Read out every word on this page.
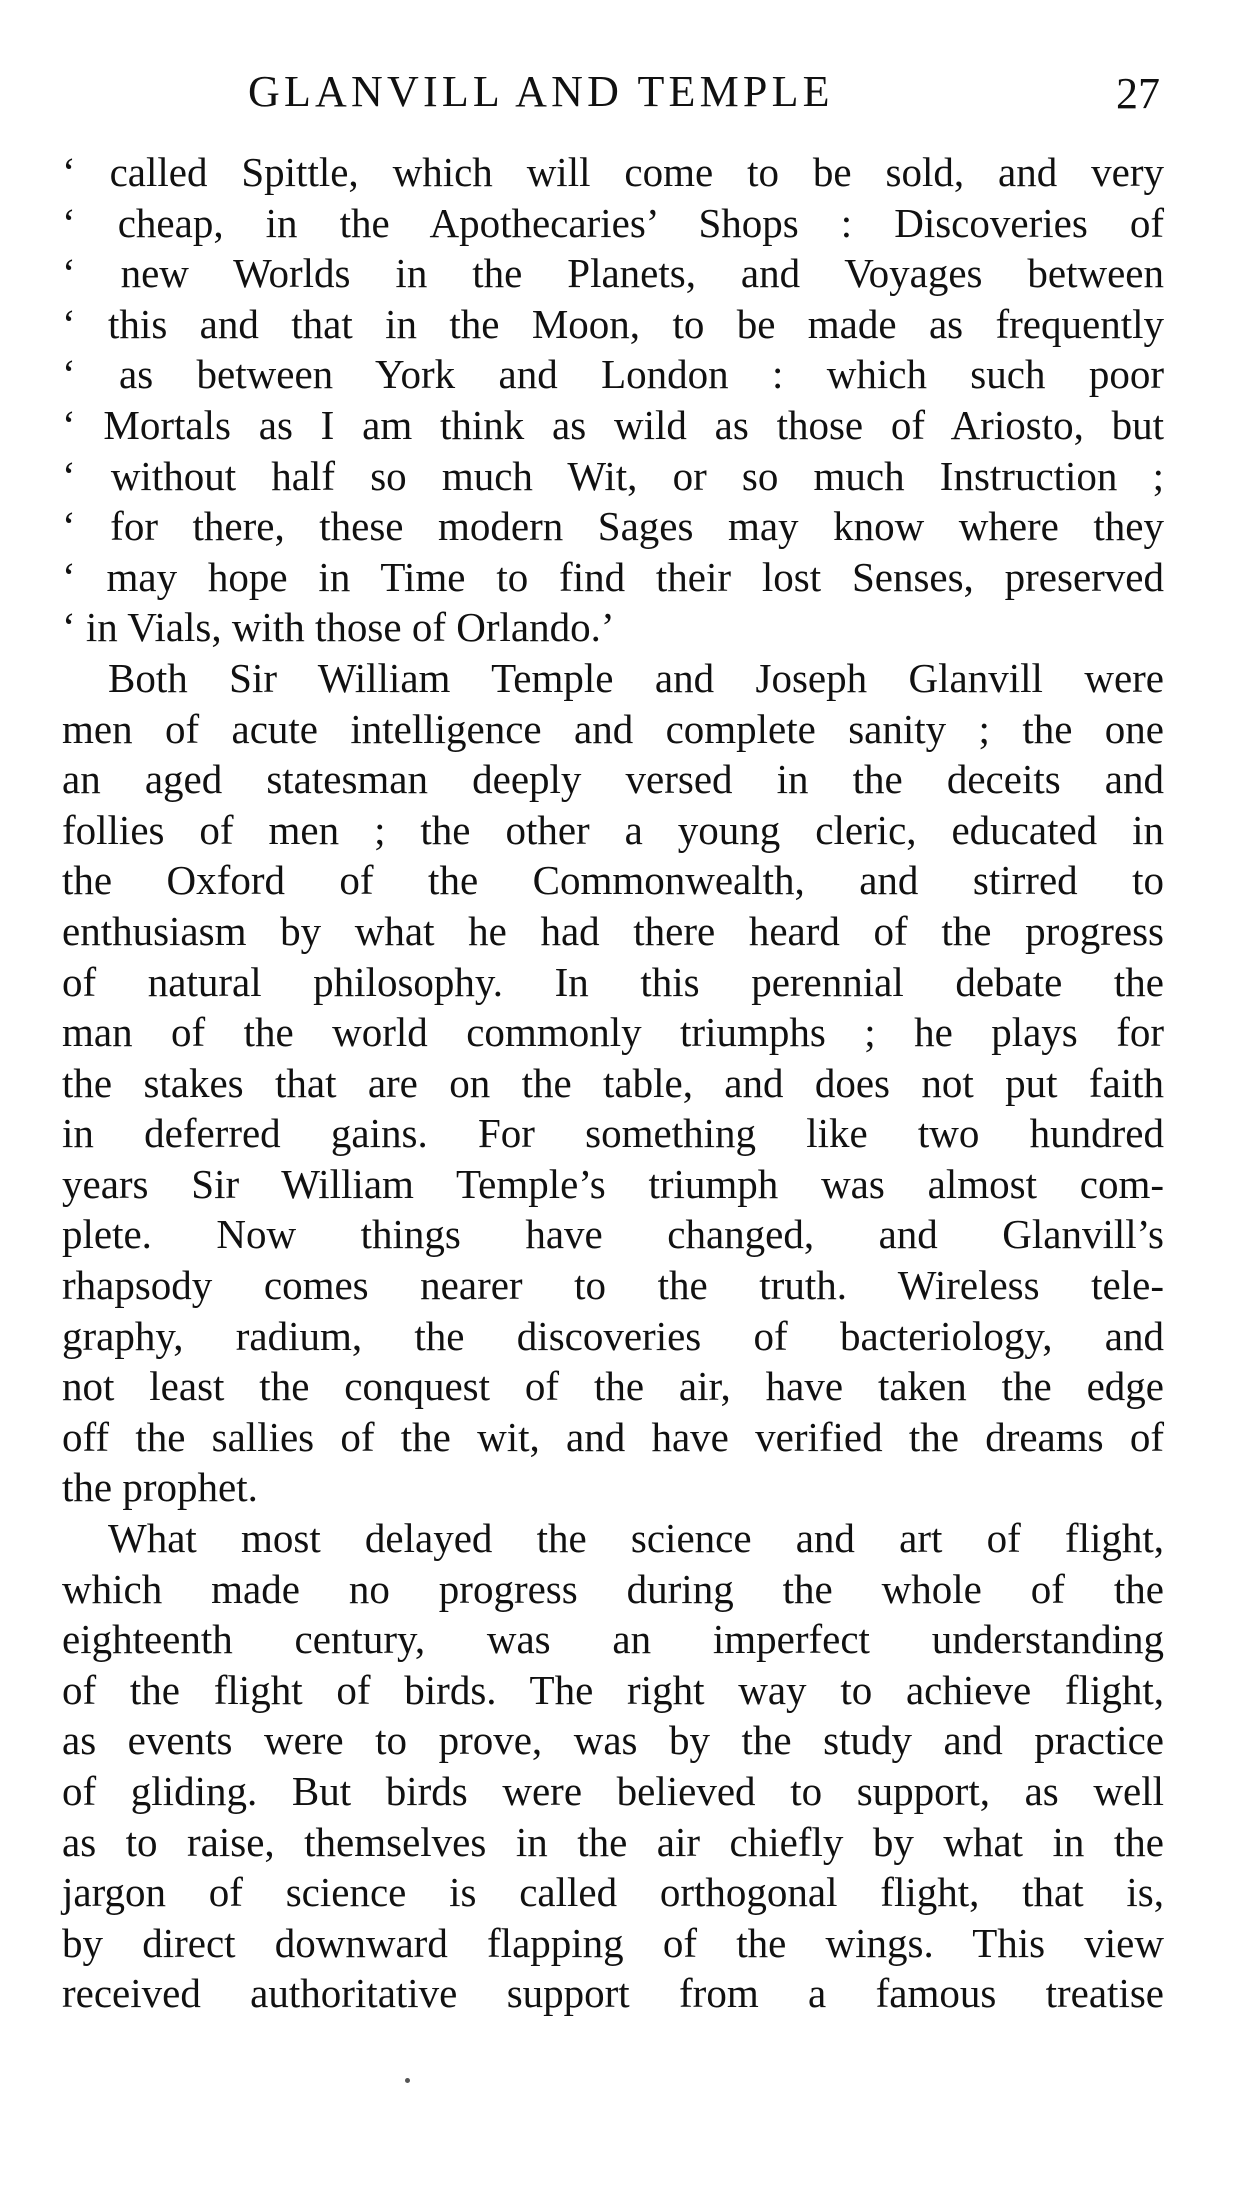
GLANVILL AND TEMPLE	27
‘ called Spittle, which will come to be sold, and very
‘ cheap, in the Apothecaries’ Shops : Discoveries of
‘ new Worlds in the Planets, and Voyages between
‘ this and that in the Moon, to be made as frequently
‘ as between York and London : which such poor
‘ Mortals as I am think as wild as those of Ariosto, but
‘ without half so much Wit, or so much Instruction ;
‘ for there, these modern Sages may know where they
‘ may hope in Time to find their lost Senses, preserved
‘ in Vials, with those of Orlando.’
Both Sir William Temple and Joseph Glanvill were
men of acute intelligence and complete sanity ; the one
an aged statesman deeply versed in the deceits and
follies of men ; the other a young cleric, educated in
the Oxford of the Commonwealth, and stirred to
enthusiasm by what he had there heard of the progress
of natural philosophy. In this perennial debate the
man of the world commonly triumphs ; he plays for
the stakes that are on the table, and does not put faith
in deferred gains. For something like two hundred
years Sir William Temple’s triumph was almost com-
plete. Now things have changed, and Glanvill’s
rhapsody comes nearer to the truth. Wireless tele-
graphy, radium, the discoveries of bacteriology, and
not least the conquest of the air, have taken the edge
off the sallies of the wit, and have verified the dreams of
the prophet.
What most delayed the science and art of flight,
which made no progress during the whole of the
eighteenth century, was an imperfect understanding
of the flight of birds. The right way to achieve flight,
as events were to prove, was by the study and practice
of gliding. But birds were believed to support, as well
as to raise, themselves in the air chiefly by what in the
jargon of science is called orthogonal flight, that is,
by direct downward flapping of the wings. This view
received authoritative support from a famous treatise
